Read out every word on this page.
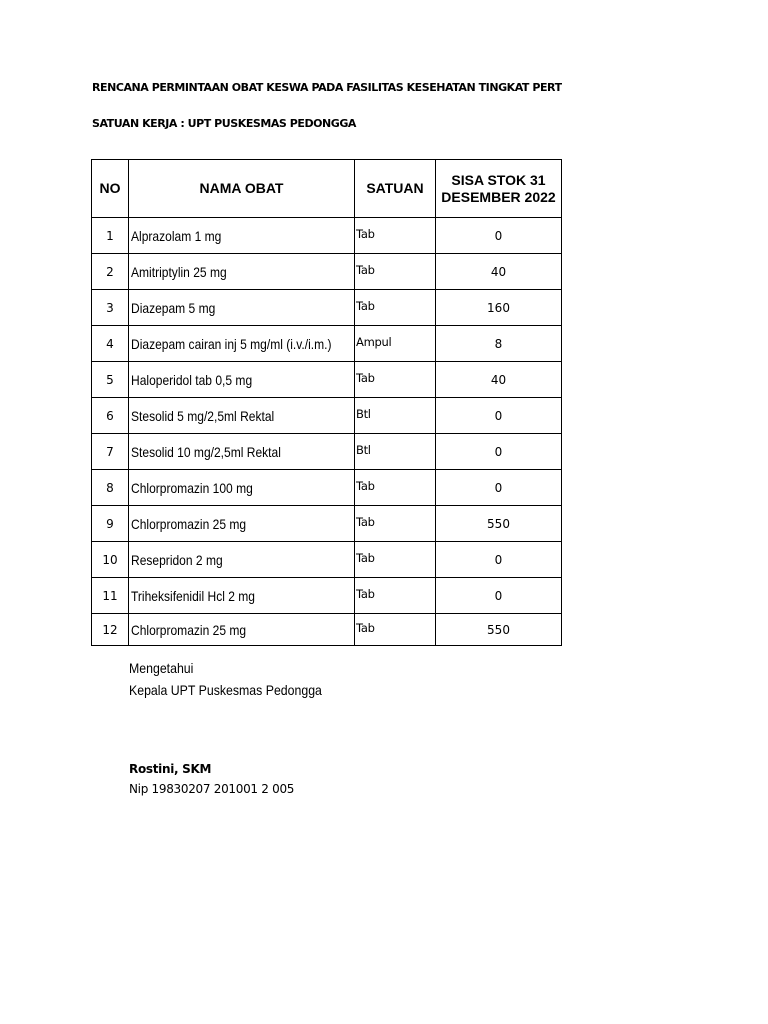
RENCANA PERMINTAAN OBAT KESWA PADA FASILITAS KESEHATAN TINGKAT PERT
SATUAN KERJA : UPT PUSKESMAS PEDONGGA
NO	NAMA OBAT	SATUAN	SISA STOK 31
DESEMBER 2022
1	Alprazolam 1 mg	Tab	0
2	Amitriptylin 25 mg	Tab	40
3	Diazepam 5 mg	Tab	160
4	Diazepam cairan inj 5 mg/ml (i.v./i.m.)	Ampul	8
5	Haloperidol tab 0,5 mg	Tab	40
6	Stesolid 5 mg/2,5ml Rektal	Btl	0
7	Stesolid 10 mg/2,5ml Rektal	Btl	0
8	Chlorpromazin 100 mg	Tab	0
9	Chlorpromazin 25 mg	Tab	550
10	Resepridon 2 mg	Tab	0
11	Triheksifenidil Hcl 2 mg	Tab	0
12	Chlorpromazin 25 mg	Tab	550
Mengetahui
Kepala UPT Puskesmas Pedongga
Rostini, SKM
Nip 19830207 201001 2 005
